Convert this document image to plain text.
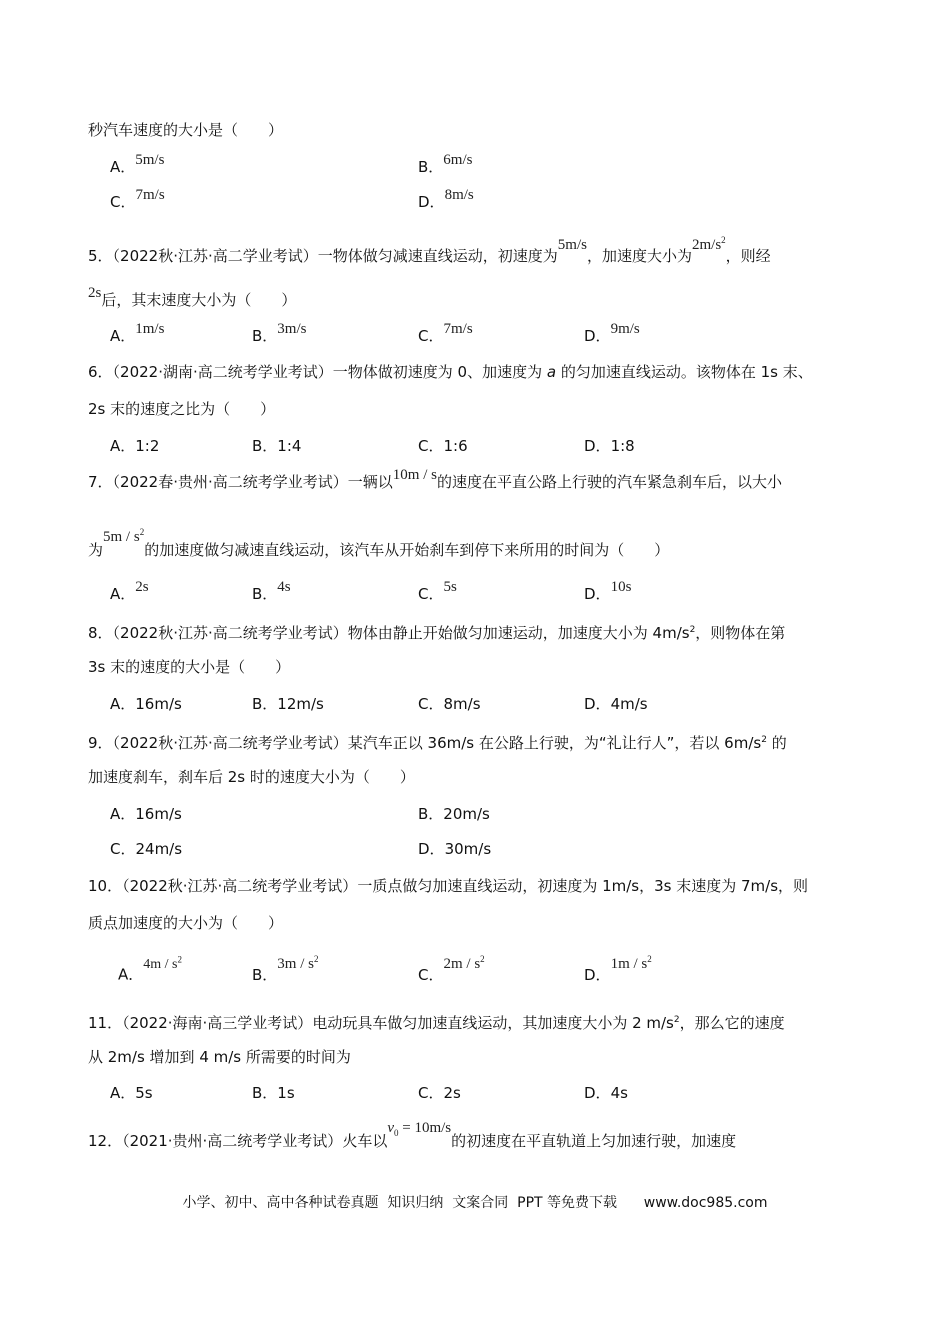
秒汽车速度的大小是（　　）
A．5m/s	B．6m/s
C．7m/s	D．8m/s
5．（2022秋·江苏·高二学业考试）一物体做匀减速直线运动，初速度为5m/s，加速度大小为$2m/s^2$，则经
2s后，其末速度大小为（　　）
A．1m/s	B．3m/s	C．7m/s	D．9m/s
6．（2022·湖南·高二统考学业考试）一物体做初速度为 0、加速度为 a 的匀加速直线运动。该物体在 1s 末、
2s 末的速度之比为（　　）
A．1:2	B．1:4	C．1:6	D．1:8
7．（2022春·贵州·高二统考学业考试）一辆以10m / s的速度在平直公路上行驶的汽车紧急刹车后，以大小
为$5m / s^2$的加速度做匀减速直线运动，该汽车从开始刹车到停下来所用的时间为（　　）
A．2s	B．4s	C．5s	D．10s
8．（2022秋·江苏·高二统考学业考试）物体由静止开始做匀加速运动，加速度大小为 $4m/s^2$，则物体在第
3s 末的速度的大小是（　　）
A．16m/s	B．12m/s	C．8m/s	D．4m/s
9．（2022秋·江苏·高二统考学业考试）某汽车正以 36m/s 在公路上行驶，为“礼让行人”，若以 $6m/s^2$ 的
加速度刹车，刹车后 2s 时的速度大小为（　　）
A．16m/s	B．20m/s
C．24m/s	D．30m/s
10．（2022秋·江苏·高二统考学业考试）一质点做匀加速直线运动，初速度为 1m/s，3s 末速度为 7m/s，则
质点加速度的大小为（　　）
A．$4m / s^2$
B．$3m / s^2$
C．$2m / s^2$
D．$1m / s^2$
11．（2022·海南·高三学业考试）电动玩具车做匀加速直线运动，其加速度大小为 2 $m/s^2$，那么它的速度
从 2m/s 增加到 4 m/s 所需要的时间为
A．5s	B．1s	C．2s	D．4s
12．（2021·贵州·高二统考学业考试）火车以$v_0 = 10m/s$的初速度在平直轨道上匀加速行驶，加速度
小学、初中、高中各种试卷真题  知识归纳  文案合同  PPT 等免费下载 www.doc985.com
